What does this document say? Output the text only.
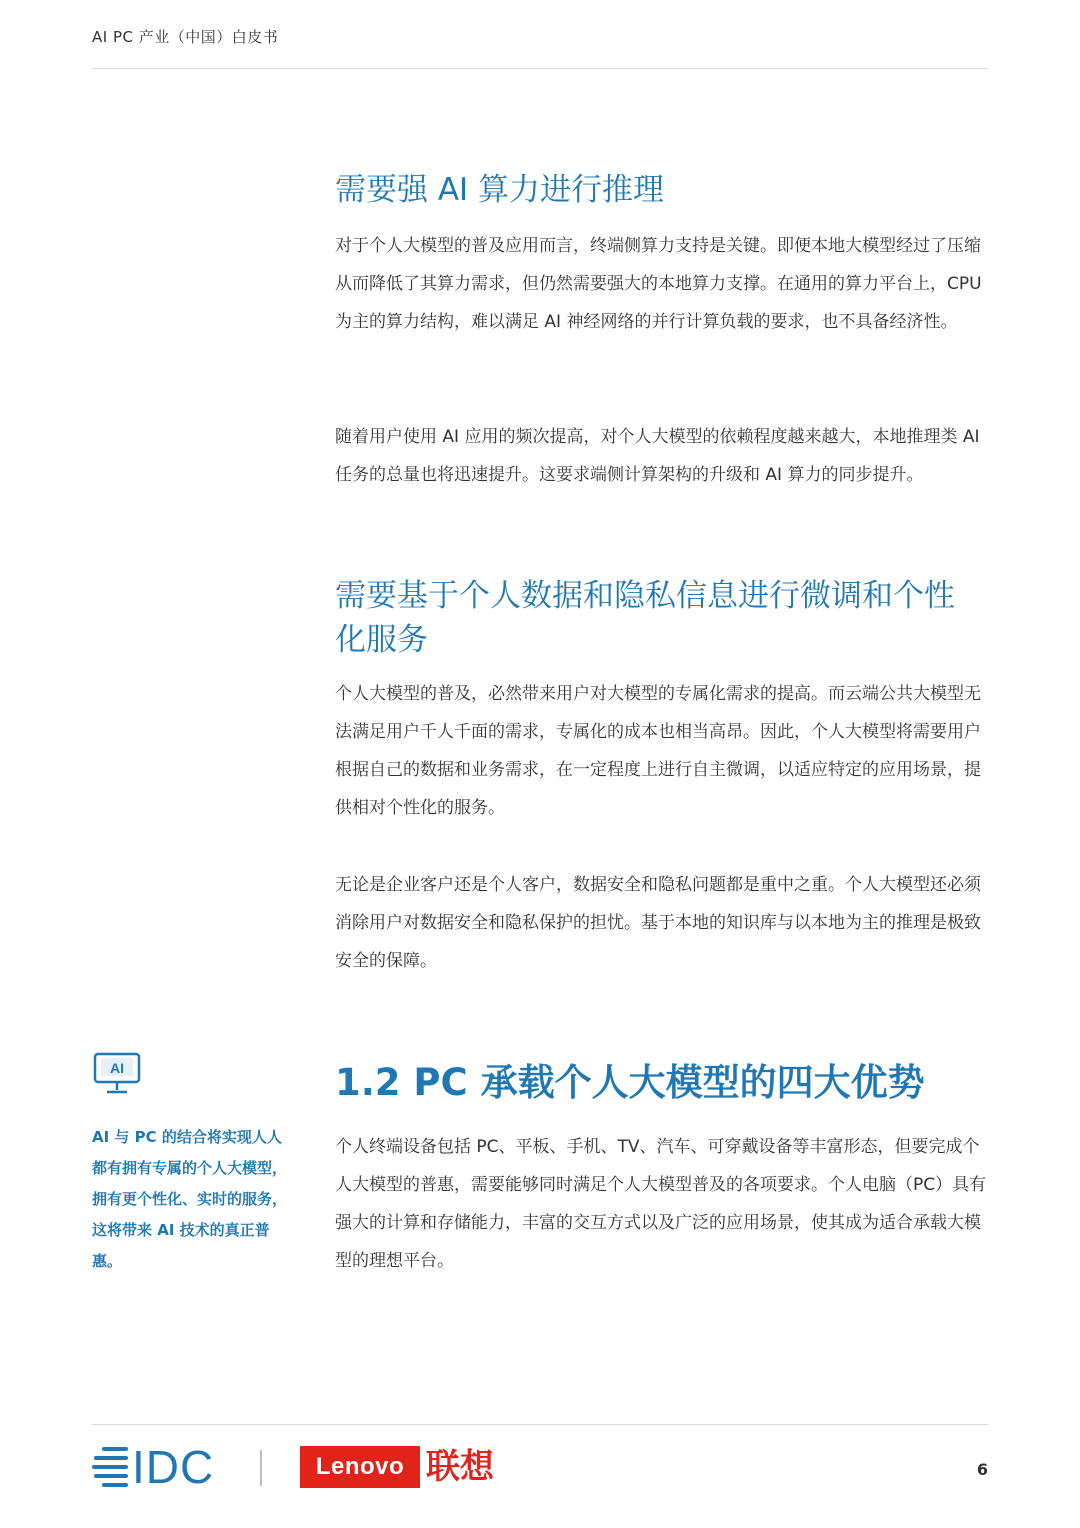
AI PC 产业（中国）白皮书
需要强 AI 算力进行推理

对于个人大模型的普及应用而言，终端侧算力支持是关键。即便本地大模型经过了压缩从而降低了其算力需求，但仍然需要强大的本地算力支撑。在通用的算力平台上，CPU 为主的算力结构，难以满足 AI 神经网络的并行计算负载的要求，也不具备经济性。

随着用户使用 AI 应用的频次提高，对个人大模型的依赖程度越来越大，本地推理类 AI 任务的总量也将迅速提升。这要求端侧计算架构的升级和 AI 算力的同步提升。

需要基于个人数据和隐私信息进行微调和个性化服务

个人大模型的普及，必然带来用户对大模型的专属化需求的提高。而云端公共大模型无法满足用户千人千面的需求，专属化的成本也相当高昂。因此，个人大模型将需要用户根据自己的数据和业务需求，在一定程度上进行自主微调，以适应特定的应用场景，提供相对个性化的服务。

无论是企业客户还是个人客户，数据安全和隐私问题都是重中之重。个人大模型还必须消除用户对数据安全和隐私保护的担忧。基于本地的知识库与以本地为主的推理是极致安全的保障。

AI

AI 与 PC 的结合将实现人人都有拥有专属的个人大模型，拥有更个性化、实时的服务，这将带来 AI 技术的真正普惠。

1.2 PC 承载个人大模型的四大优势

个人终端设备包括 PC、平板、手机、TV、汽车、可穿戴设备等丰富形态，但要完成个人大模型的普惠，需要能够同时满足个人大模型普及的各项要求。个人电脑（PC）具有强大的计算和存储能力，丰富的交互方式以及广泛的应用场景，使其成为适合承载大模型的理想平台。

IDC	Lenovo 联想	6
